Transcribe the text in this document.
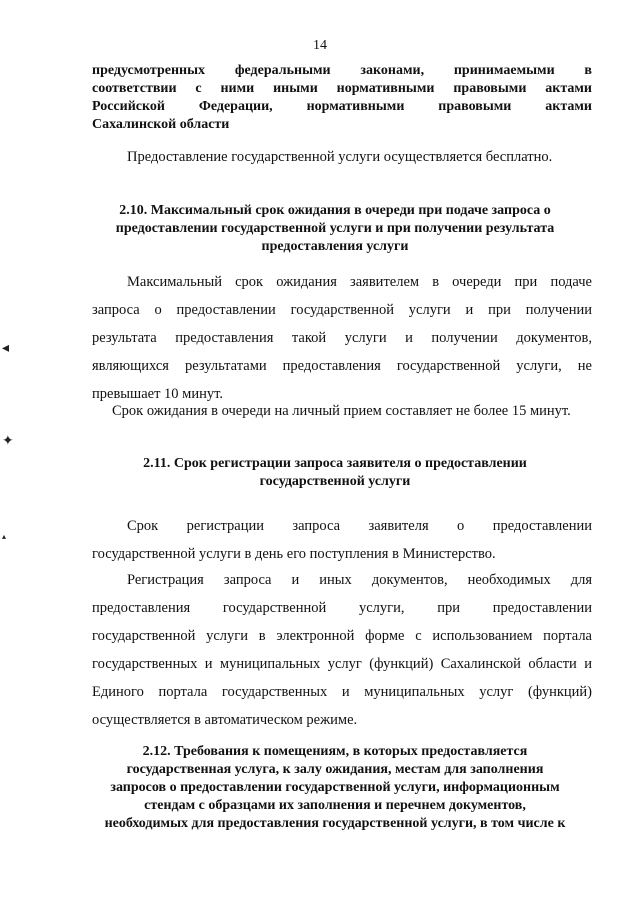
14
предусмотренных федеральными законами, принимаемыми в
соответствии с ними иными нормативными правовыми актами
Российской Федерации, нормативными правовыми актами
Сахалинской области
Предоставление государственной услуги осуществляется бесплатно.
2.10. Максимальный срок ожидания в очереди при подаче запроса о
предоставлении государственной услуги и при получении результата
предоставления услуги
Максимальный срок ожидания заявителем в очереди при подаче
запроса о предоставлении государственной услуги и при получении
результата предоставления такой услуги и получении документов,
являющихся результатами предоставления государственной услуги, не
превышает 10 минут.
Срок ожидания в очереди на личный прием составляет не более 15 минут.
2.11. Срок регистрации запроса заявителя о предоставлении
государственной услуги
Срок регистрации запроса заявителя о предоставлении
государственной услуги в день его поступления в Министерство.
Регистрация запроса и иных документов, необходимых для
предоставления государственной услуги, при предоставлении
государственной услуги в электронной форме с использованием портала
государственных и муниципальных услуг (функций) Сахалинской области и
Единого портала государственных и муниципальных услуг (функций)
осуществляется в автоматическом режиме.
2.12. Требования к помещениям, в которых предоставляется
государственная услуга, к залу ожидания, местам для заполнения
запросов о предоставлении государственной услуги, информационным
стендам с образцами их заполнения и перечнем документов,
необходимых для предоставления государственной услуги, в том числе к
◂
✦
▴
